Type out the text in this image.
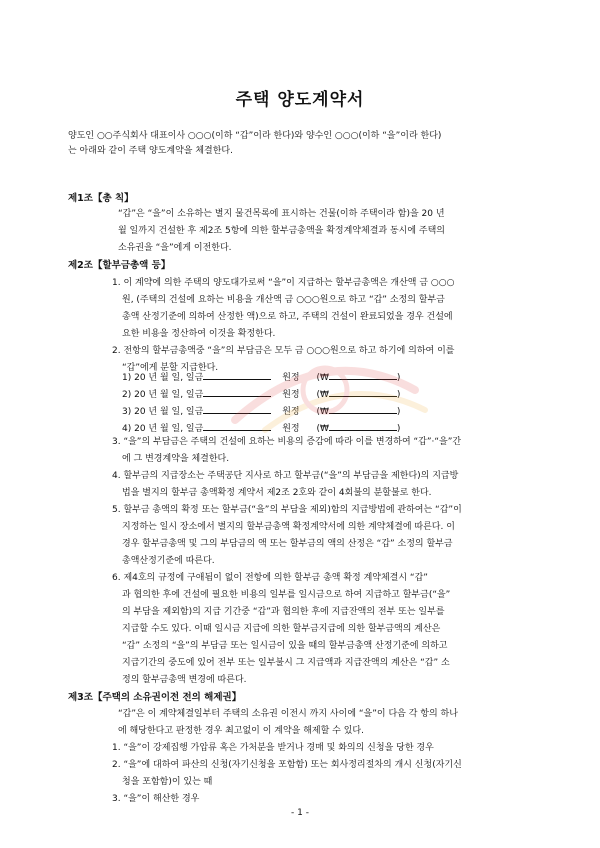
주택 양도계약서
양도인 ○○주식회사 대표이사 ○○○(이하 “갑”이라 한다)와 양수인 ○○○(이하 “을”이라 한다)
는 아래와 같이 주택 양도계약을 체결한다.
제1조【총 칙】
“갑”은 “을”이 소유하는 별지 물건목록에 표시하는 건물(이하 주택이라 함)을 20 년
월 일까지 건설한 후 제2조 5항에 의한 할부금총액을 확정계약체결과 동시에 주택의
소유권을 “을”에게 이전한다.
제2조【할부금총액 등】
1. 이 계약에 의한 주택의 양도대가로써 “을”이 지급하는 할부금총액은 개산액 금 ○○○
원, (주택의 건설에 요하는 비용을 개산액 금 ○○○원으로 하고 “갑” 소정의 할부금
총액 산정기준에 의하여 산정한 액)으로 하고, 주택의 건설이 완료되었을 경우 건설에
요한 비용을 정산하여 이것을 확정한다.
2. 전항의 할부금총액중 “을”의 부담금은 모두 금 ○○○원으로 하고 하기에 의하여 이를
“갑”에게 분할 지급한다.
1) 20 년 월 일, 일금	원정 (₩	)
2) 20 년 월 일, 일금	원정 (₩	)
3) 20 년 월 일, 일금	원정 (₩	)
4) 20 년 월 일, 일금	원정 (₩	)
3. “을”의 부담금은 주택의 건설에 요하는 비용의 증감에 따라 이를 변경하여 “갑”·“을”간
에 그 변경계약을 체결한다.
4. 할부금의 지급장소는 주택공단 지사로 하고 할부금(“을”의 부담금을 제한다)의 지급방
법을 별지의 할부금 총액확정 계약서 제2조 2호와 같이 4회불의 분할불로 한다.
5. 할부금 총액의 확정 또는 할부금(“을”의 부담을 제외)함의 지급방법에 관하여는 “갑”이
지정하는 일시 장소에서 별지의 할부금총액 확정계약서에 의한 계약체결에 따른다. 이
경우 할부금총액 및 그의 부담금의 액 또는 할부금의 액의 산정은 “갑” 소정의 할부금
총액산정기준에 따른다.
6. 제4호의 규정에 구애됨이 없이 전항에 의한 할부금 총액 확정 계약체결시 “갑”
과 협의한 후에 건설에 필요한 비용의 일부를 일시금으로 하여 지급하고 할부금(“을”
의 부담을 제외함)의 지급 기간중 “갑”과 협의한 후에 지급잔액의 전부 또는 일부를
지급할 수도 있다. 이때 일시금 지급에 의한 할부금지급에 의한 할부금액의 계산은
“갑” 소정의 “을”의 부담금 또는 일시금이 있을 때의 할부금총액 산정기준에 의하고
지급기간의 중도에 있어 전부 또는 일부불시 그 지급액과 지급잔액의 계산은 “갑” 소
정의 할부금총액 변경에 따른다.
제3조【주택의 소유권이전 전의 해제권】
“갑”은 이 계약체결일부터 주택의 소유권 이전시 까지 사이에 “을”이 다음 각 항의 하나
에 해당한다고 판정한 경우 최고없이 이 계약을 해제할 수 있다.
1. “을”이 강제집행 가압류 혹은 가처분을 받거나 경매 및 화의의 신청을 당한 경우
2. “을”에 대하여 파산의 신청(자기신청을 포함함) 또는 회사정리절차의 개시 신청(자기신
청을 포함함)이 있는 때
3. “을”이 해산한 경우
- 1 -
